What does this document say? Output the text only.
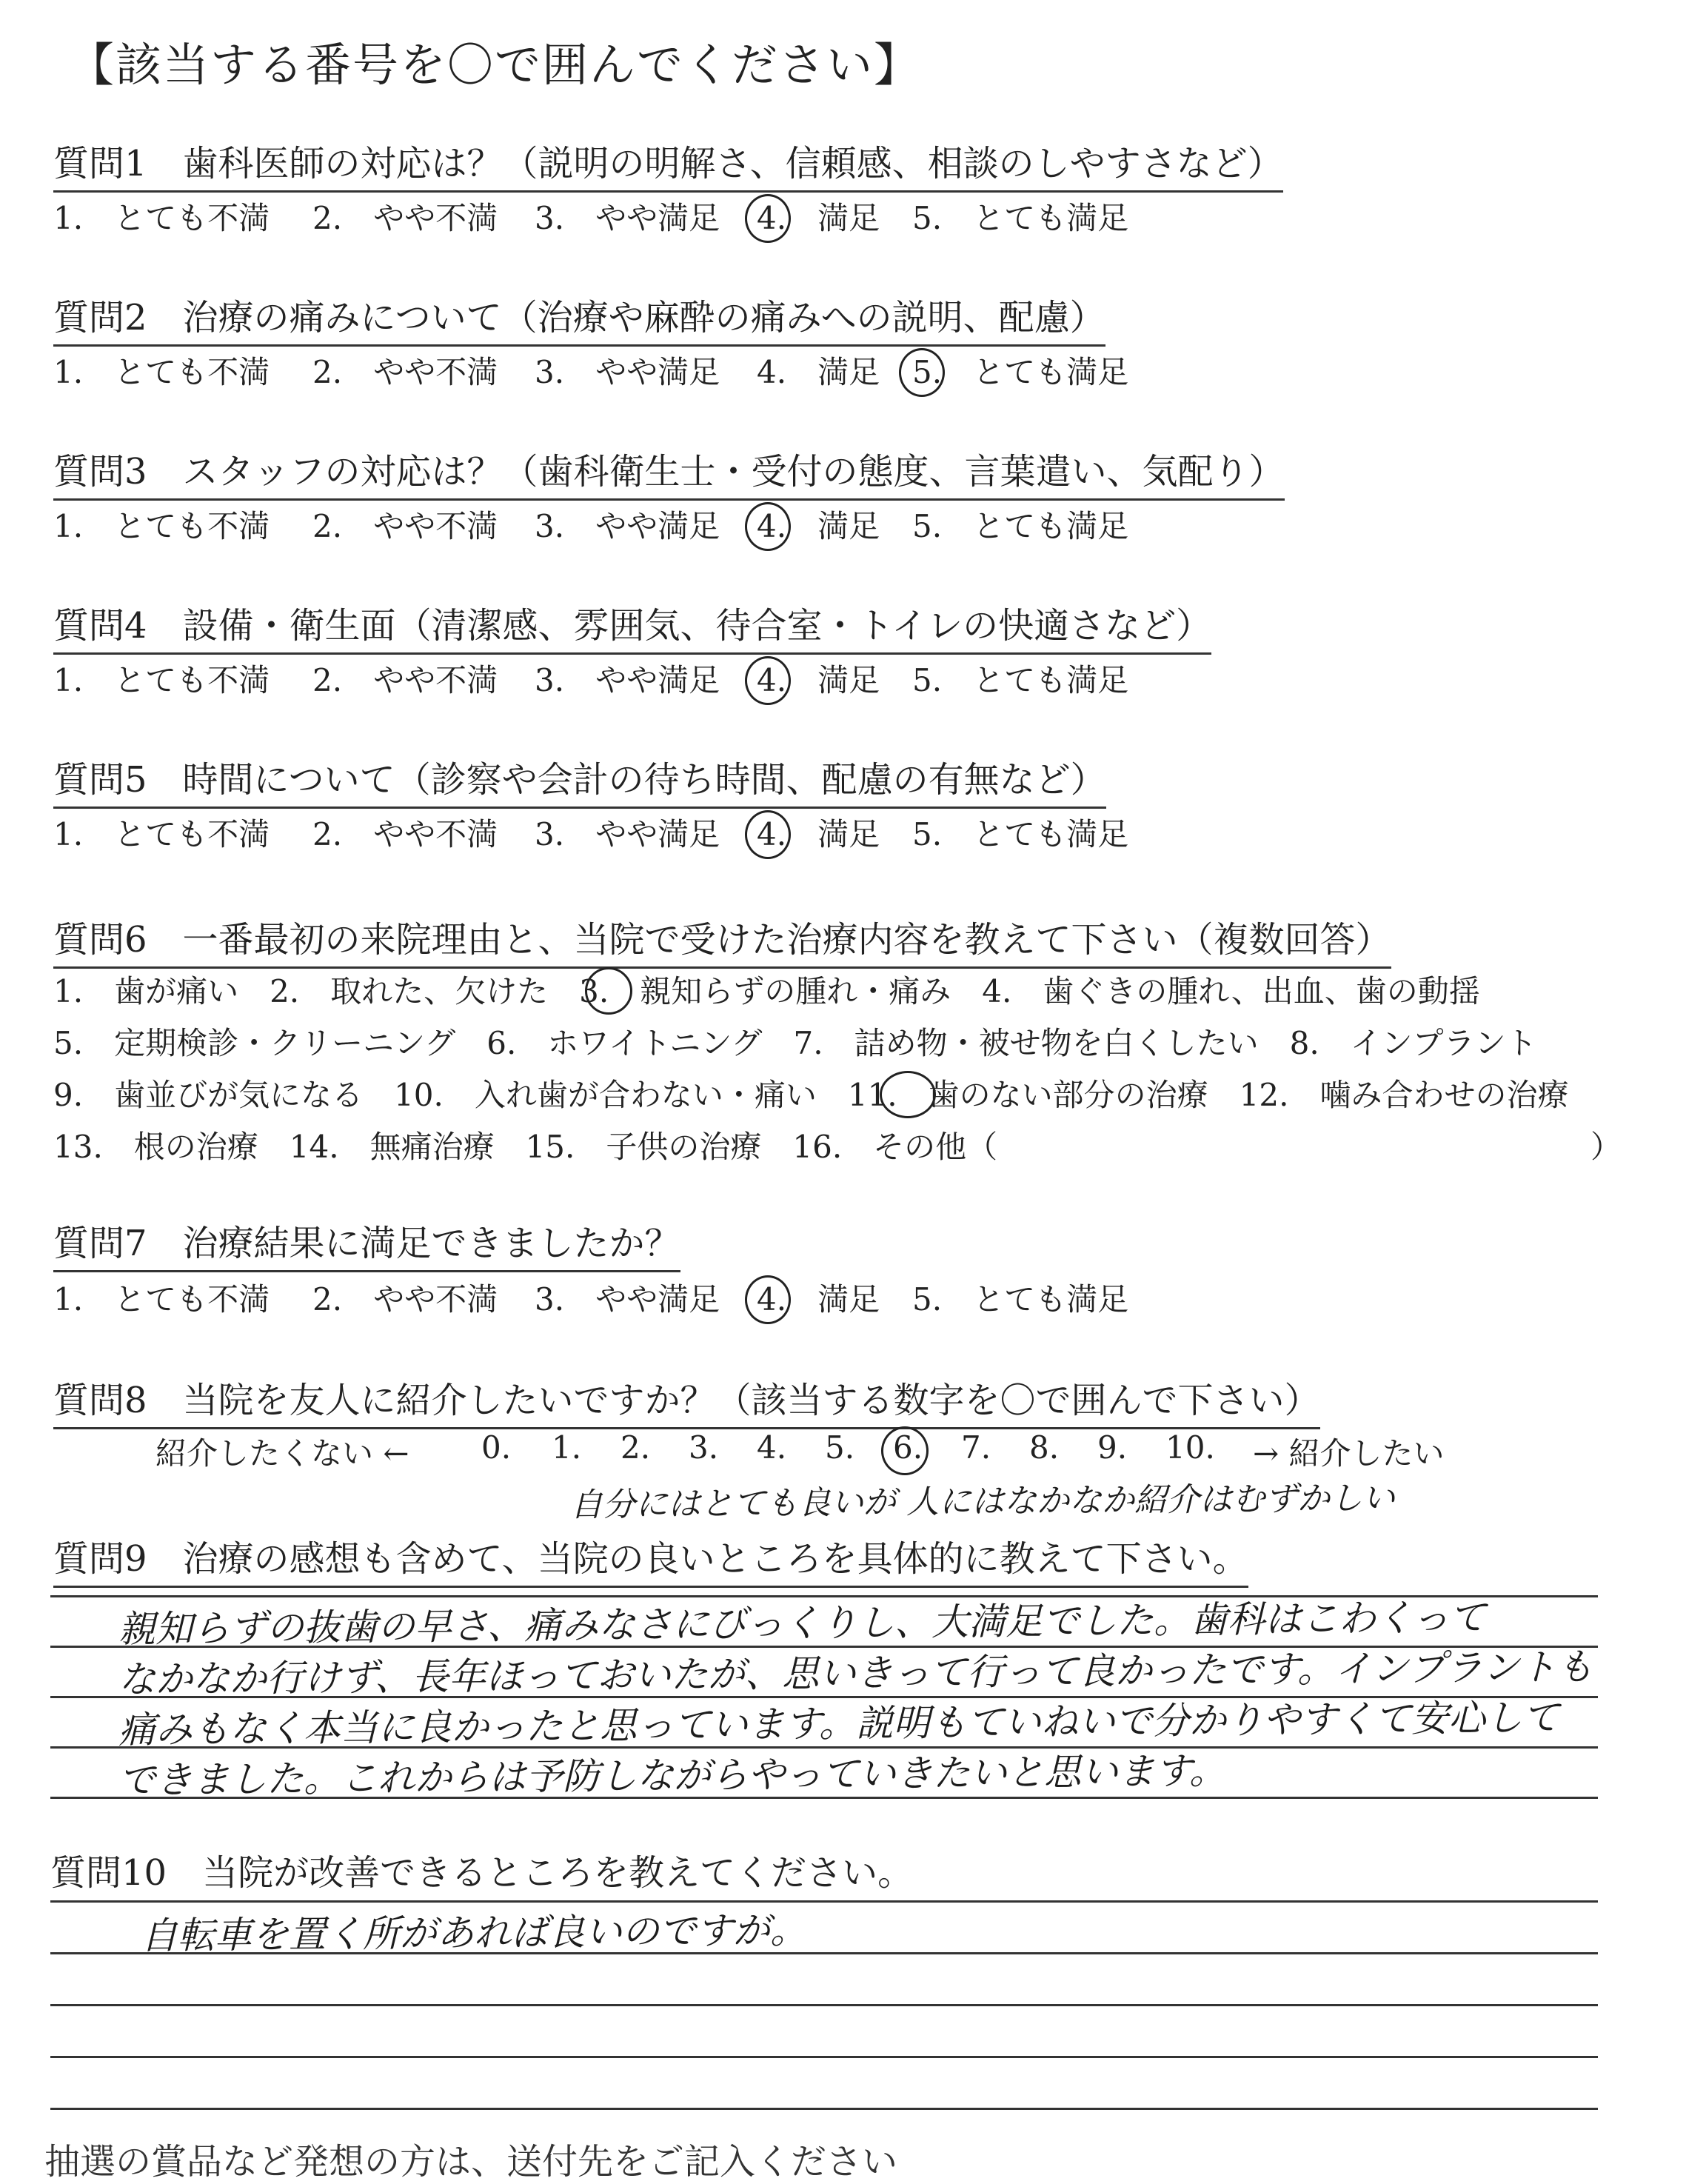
【該当する番号を〇で囲んでください】
質問1　歯科医師の対応は？（説明の明解さ、信頼感、相談のしやすさなど）
1.　とても不満 2.　やや不満 3.　やや満足 4.　満足 5.　とても満足
質問2　治療の痛みについて（治療や麻酔の痛みへの説明、配慮）
1.　とても不満 2.　やや不満 3.　やや満足 4.　満足 5.　とても満足
質問3　スタッフの対応は？（歯科衛生士・受付の態度、言葉遣い、気配り）
1.　とても不満 2.　やや不満 3.　やや満足 4.　満足 5.　とても満足
質問4　設備・衛生面（清潔感、雰囲気、待合室・トイレの快適さなど）
1.　とても不満 2.　やや不満 3.　やや満足 4.　満足 5.　とても満足
質問5　時間について（診察や会計の待ち時間、配慮の有無など）
1.　とても不満 2.　やや不満 3.　やや満足 4.　満足 5.　とても満足
質問6　一番最初の来院理由と、当院で受けた治療内容を教えて下さい（複数回答）
1.　歯が痛い　2.　取れた、欠けた　3.　親知らずの腫れ・痛み　4.　歯ぐきの腫れ、出血、歯の動揺
5.　定期検診・クリーニング　6.　ホワイトニング　7.　詰め物・被せ物を白くしたい　8.　インプラント
9.　歯並びが気になる　10.　入れ歯が合わない・痛い　11.　歯のない部分の治療　12.　噛み合わせの治療
13.　根の治療　14.　無痛治療　15.　子供の治療　16.　その他（	）
質問7　治療結果に満足できましたか？
1.　とても不満 2.　やや不満 3.　やや満足 4.　満足 5.　とても満足
質問8　当院を友人に紹介したいですか？（該当する数字を〇で囲んで下さい）
紹介したくない ← 0. 1. 2. 3. 4. 5. 6. 7. 8. 9. 10. → 紹介したい
自分にはとても良いが 人にはなかなか紹介はむずかしい
質問9　治療の感想も含めて、当院の良いところを具体的に教えて下さい。
親知らずの抜歯の早さ、痛みなさにびっくりし、大満足でした。歯科はこわくって
なかなか行けず、長年ほっておいたが、思いきって行って良かったです。インプラントも
痛みもなく本当に良かったと思っています。説明もていねいで分かりやすくて安心して
できました。これからは予防しながらやっていきたいと思います。
質問10　当院が改善できるところを教えてください。
自転車を置く所があれば良いのですが。
抽選の賞品など発想の方は、送付先をご記入ください
